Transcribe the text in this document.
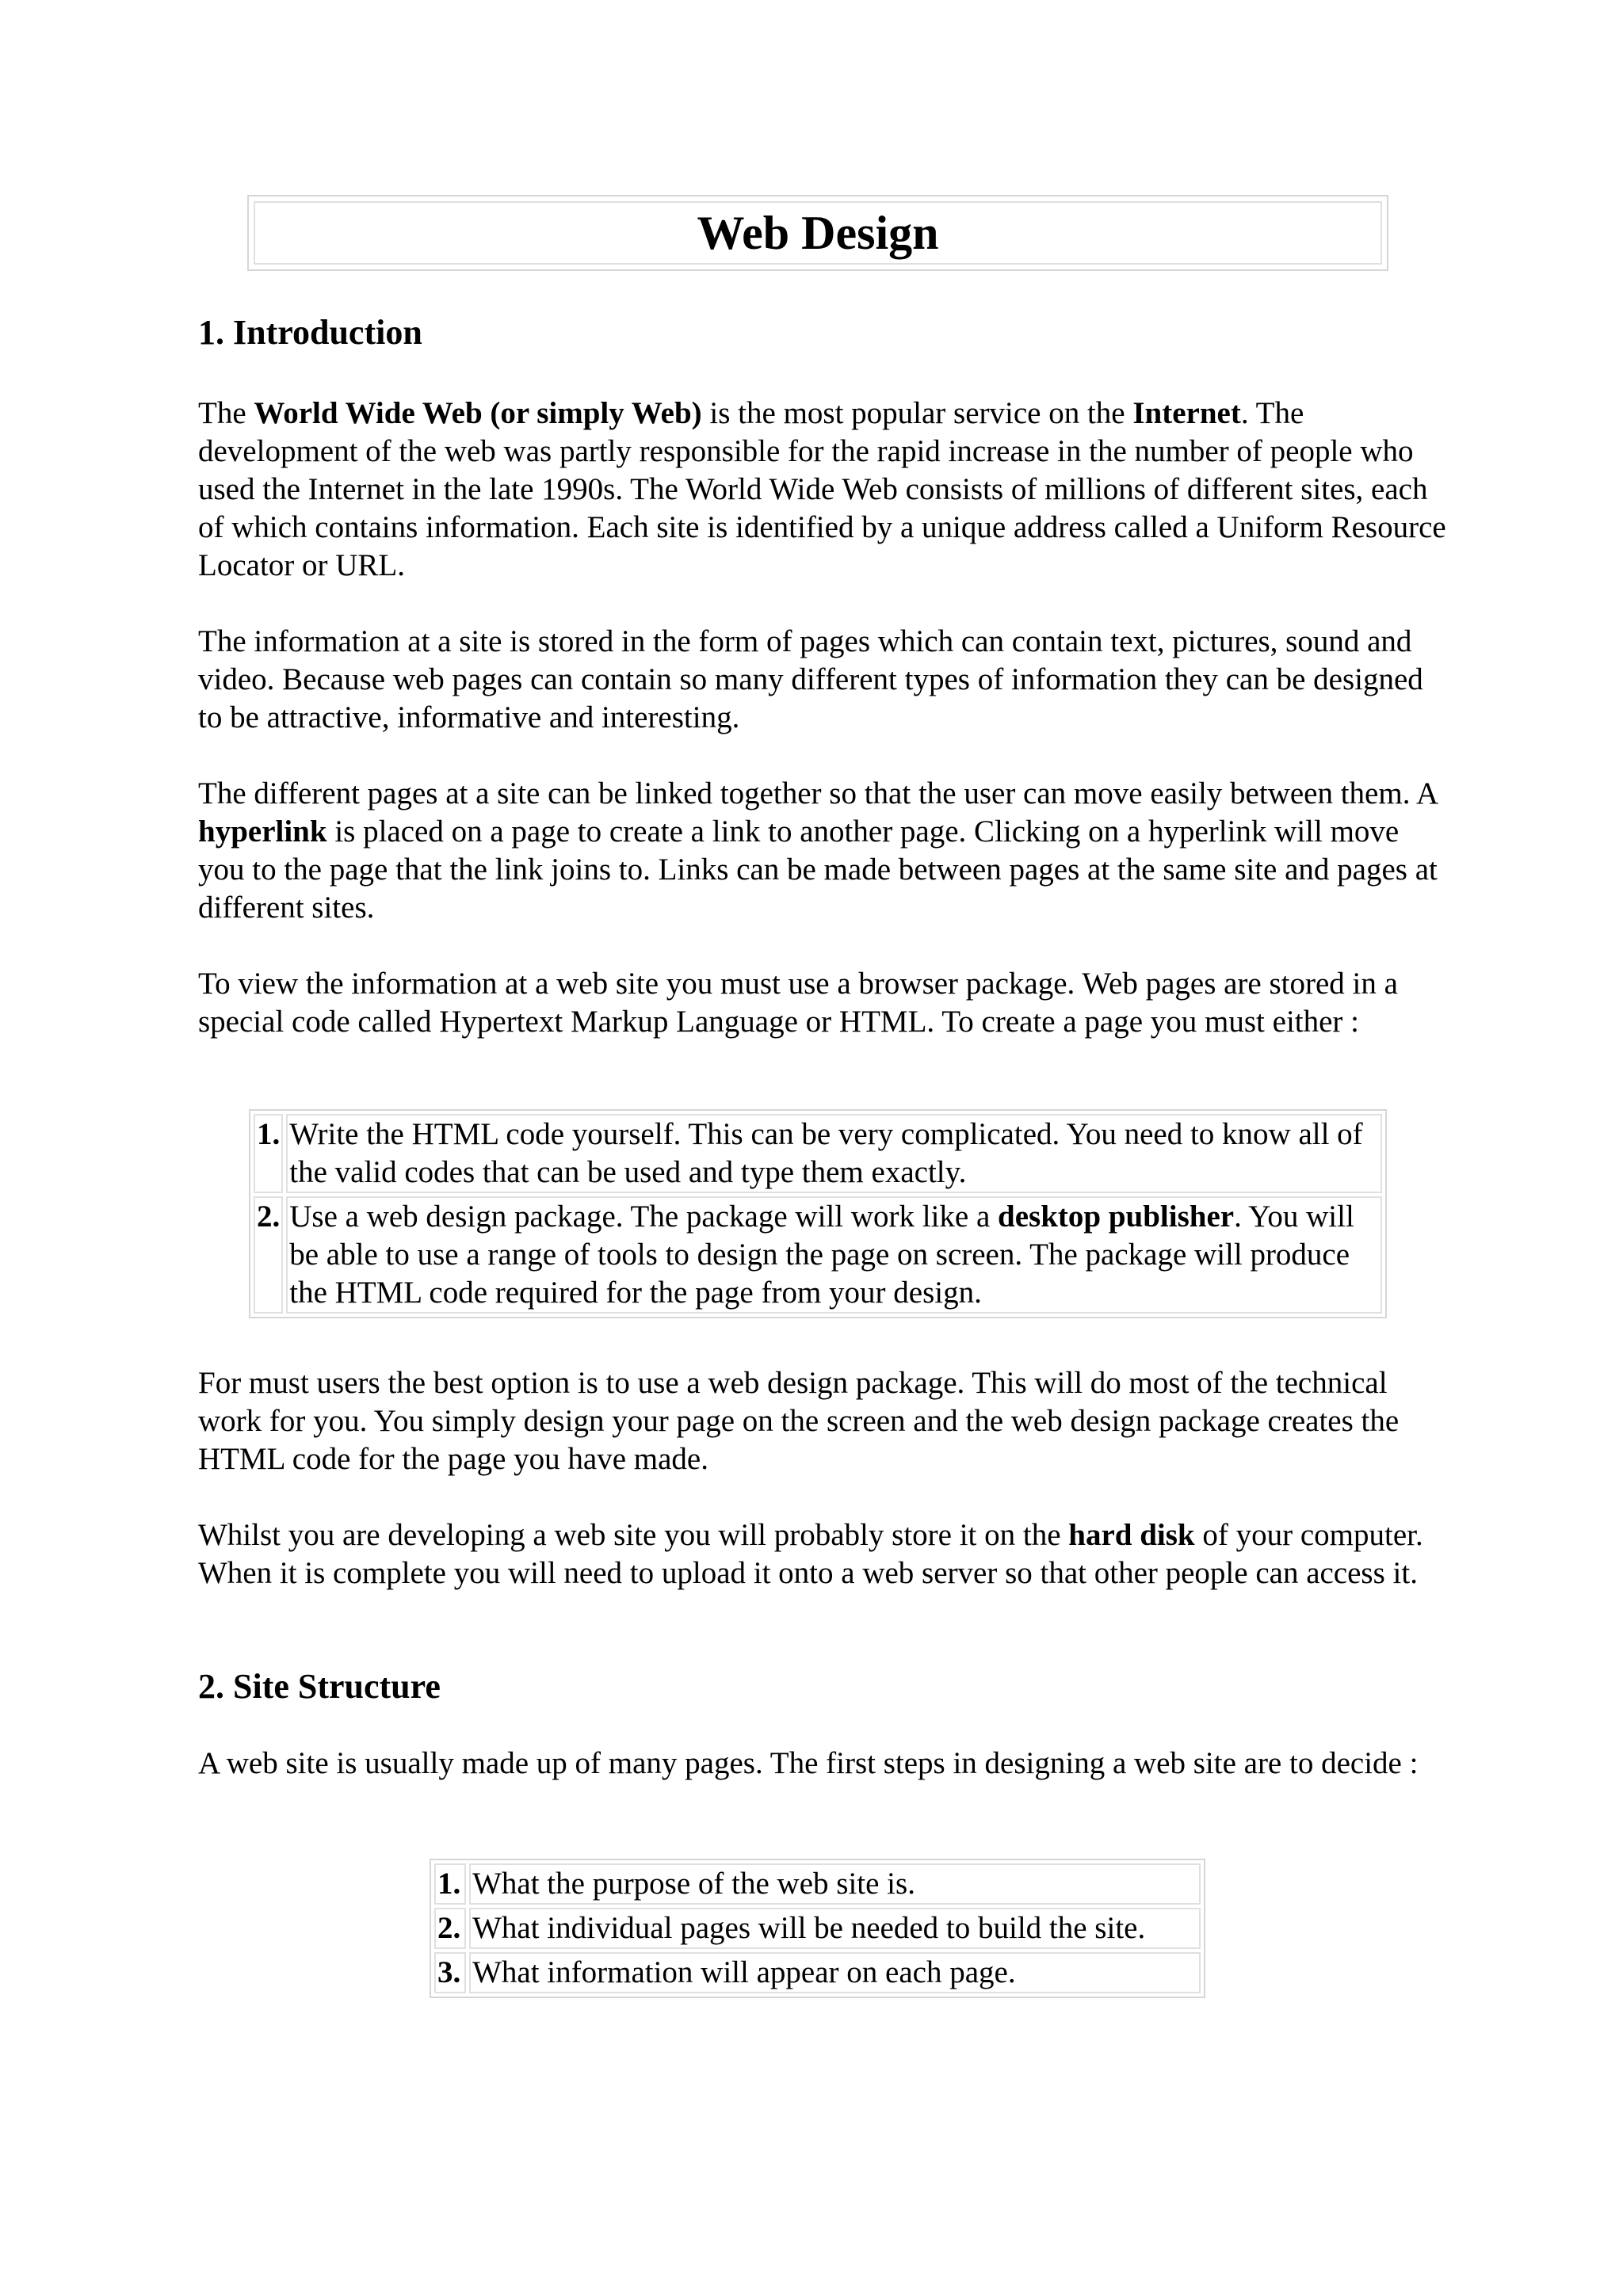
Web Design
1. Introduction

The World Wide Web (or simply Web) is the most popular service on the Internet. The development of the web was partly responsible for the rapid increase in the number of people who used the Internet in the late 1990s. The World Wide Web consists of millions of different sites, each of which contains information. Each site is identified by a unique address called a Uniform Resource Locator or URL.

The information at a site is stored in the form of pages which can contain text, pictures, sound and video. Because web pages can contain so many different types of information they can be designed to be attractive, informative and interesting.

The different pages at a site can be linked together so that the user can move easily between them. A hyperlink is placed on a page to create a link to another page. Clicking on a hyperlink will move you to the page that the link joins to. Links can be made between pages at the same site and pages at different sites.

To view the information at a web site you must use a browser package. Web pages are stored in a special code called Hypertext Markup Language or HTML. To create a page you must either :

1.	Write the HTML code yourself. This can be very complicated. You need to know all of the valid codes that can be used and type them exactly.
2.	Use a web design package. The package will work like a desktop publisher. You will be able to use a range of tools to design the page on screen. The package will produce the HTML code required for the page from your design.

For must users the best option is to use a web design package. This will do most of the technical work for you. You simply design your page on the screen and the web design package creates the HTML code for the page you have made.

Whilst you are developing a web site you will probably store it on the hard disk of your computer. When it is complete you will need to upload it onto a web server so that other people can access it.

2. Site Structure

A web site is usually made up of many pages. The first steps in designing a web site are to decide :

1.	What the purpose of the web site is.
2.	What individual pages will be needed to build the site.
3.	What information will appear on each page.
